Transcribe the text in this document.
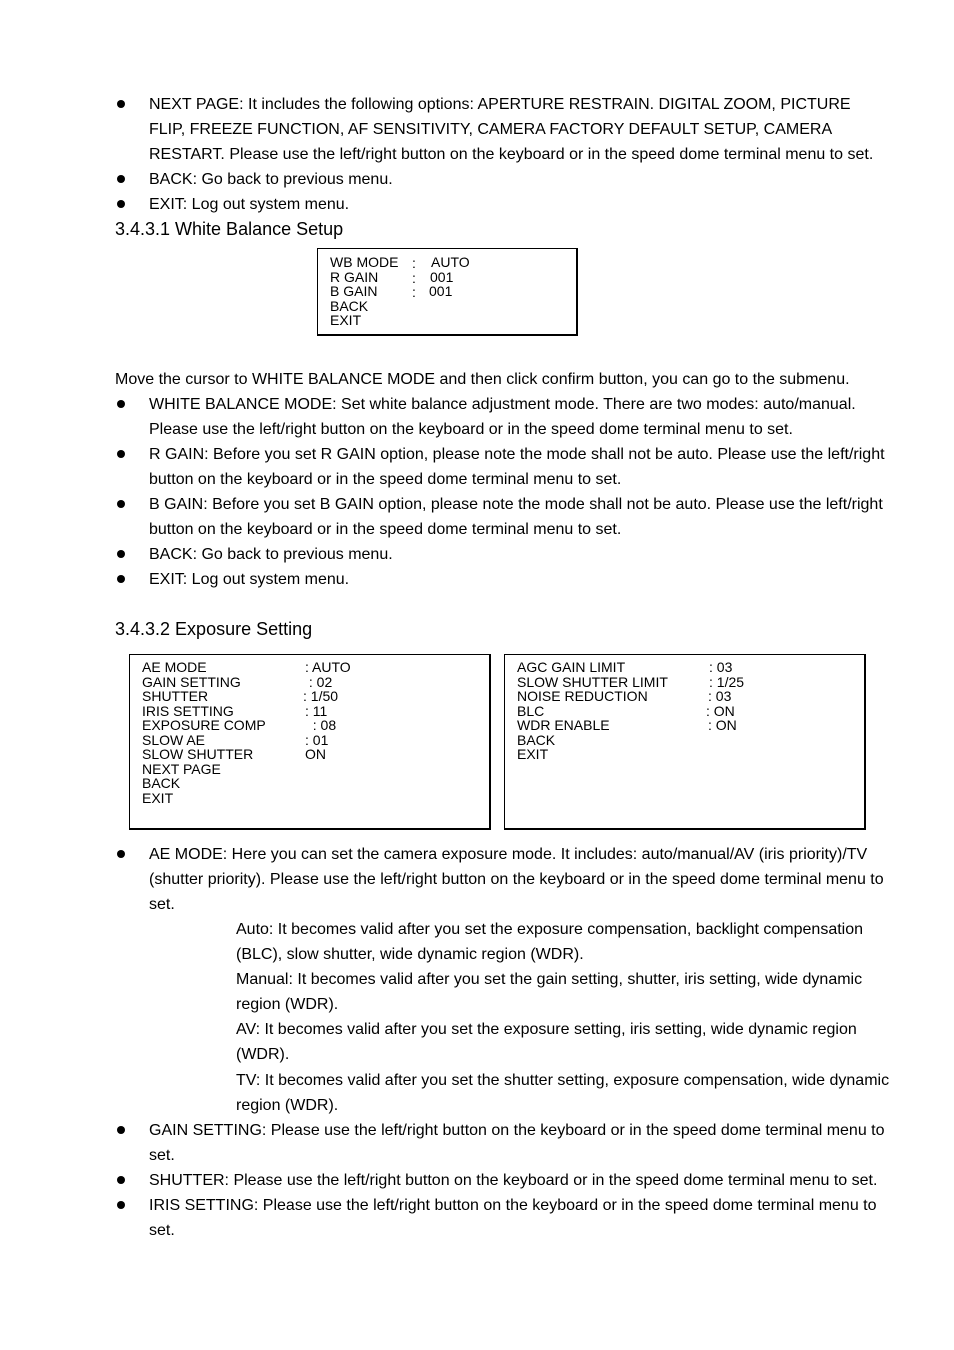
NEXT PAGE: It includes the following options: APERTURE RESTRAIN. DIGITAL ZOOM, PICTURE
FLIP, FREEZE FUNCTION, AF SENSITIVITY, CAMERA FACTORY DEFAULT SETUP, CAMERA
RESTART. Please use the left/right button on the keyboard or in the speed dome terminal menu to set.
BACK: Go back to previous menu.
EXIT: Log out system menu.
3.4.3.1 White Balance Setup
WB MODE : AUTO
R GAIN : 001
B GAIN : 001
BACK
EXIT
Move the cursor to WHITE BALANCE MODE and then click confirm button, you can go to the submenu.
WHITE BALANCE MODE: Set white balance adjustment mode. There are two modes: auto/manual.
Please use the left/right button on the keyboard or in the speed dome terminal menu to set.
R GAIN: Before you set R GAIN option, please note the mode shall not be auto. Please use the left/right
button on the keyboard or in the speed dome terminal menu to set.
B GAIN: Before you set B GAIN option, please note the mode shall not be auto. Please use the left/right
button on the keyboard or in the speed dome terminal menu to set.
BACK: Go back to previous menu.
EXIT: Log out system menu.
3.4.3.2 Exposure Setting
AE MODE	: AUTO
GAIN SETTING	: 02
SHUTTER	: 1/50
IRIS SETTING	: 11
EXPOSURE COMP	: 08
SLOW AE	: 01
SLOW SHUTTER	ON
NEXT PAGE
BACK
EXIT
AGC GAIN LIMIT	: 03
SLOW SHUTTER LIMIT	: 1/25
NOISE REDUCTION	: 03
BLC	: ON
WDR ENABLE	: ON
BACK
EXIT
AE MODE: Here you can set the camera exposure mode. It includes: auto/manual/AV (iris priority)/TV
(shutter priority). Please use the left/right button on the keyboard or in the speed dome terminal menu to
set.
Auto: It becomes valid after you set the exposure compensation, backlight compensation
(BLC), slow shutter, wide dynamic region (WDR).
Manual: It becomes valid after you set the gain setting, shutter, iris setting, wide dynamic
region (WDR).
AV: It becomes valid after you set the exposure setting, iris setting, wide dynamic region
(WDR).
TV: It becomes valid after you set the shutter setting, exposure compensation, wide dynamic
region (WDR).
GAIN SETTING: Please use the left/right button on the keyboard or in the speed dome terminal menu to
set.
SHUTTER: Please use the left/right button on the keyboard or in the speed dome terminal menu to set.
IRIS SETTING: Please use the left/right button on the keyboard or in the speed dome terminal menu to
set.
